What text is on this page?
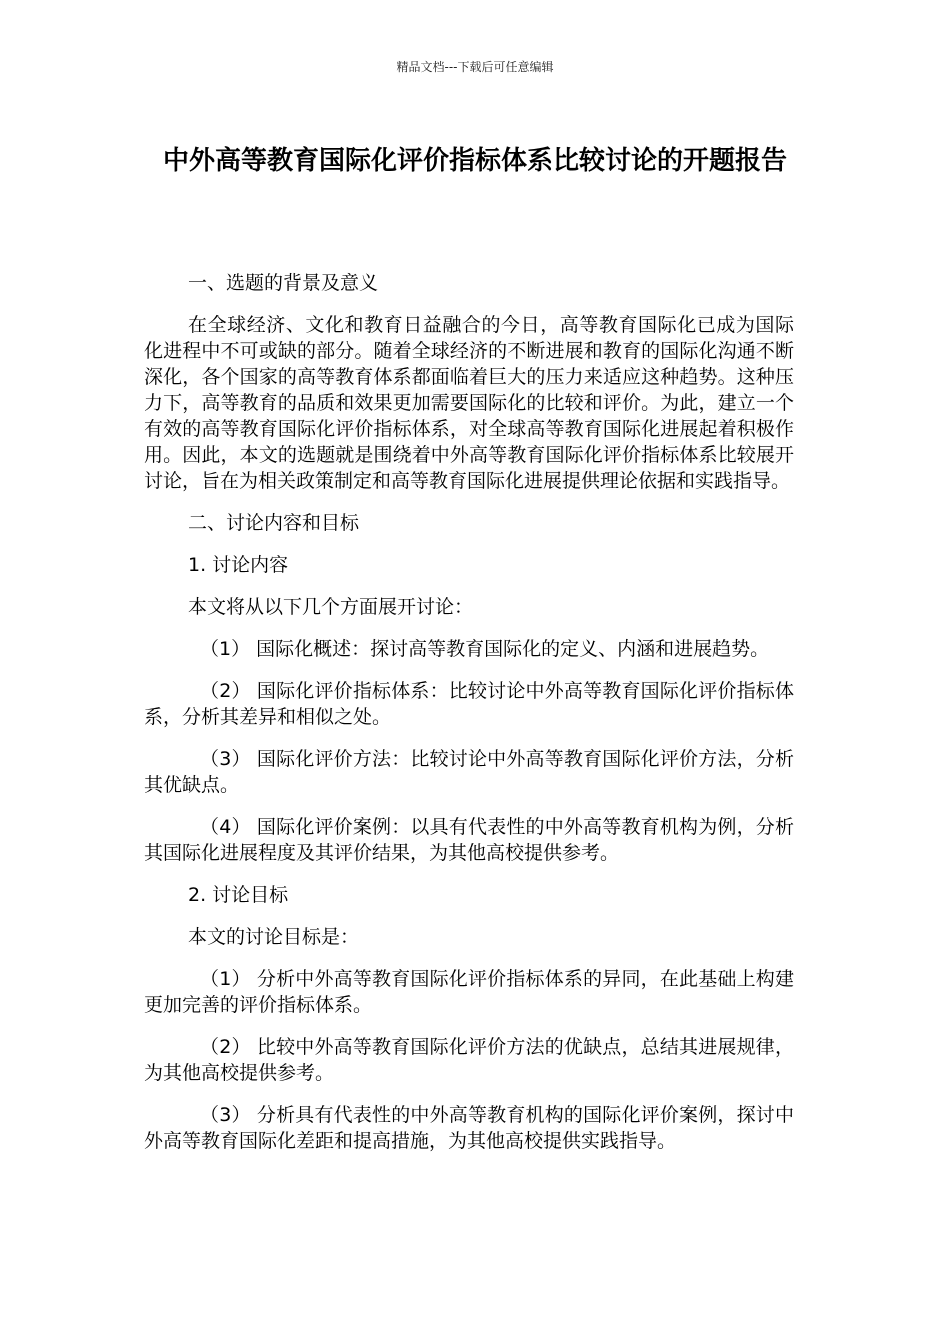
精品文档---下载后可任意编辑
中外高等教育国际化评价指标体系比较讨论的开题报告

一、选题的背景及意义

在全球经济、文化和教育日益融合的今日，高等教育国际化已成为国际化进程中不可或缺的部分。随着全球经济的不断进展和教育的国际化沟通不断深化，各个国家的高等教育体系都面临着巨大的压力来适应这种趋势。这种压力下，高等教育的品质和效果更加需要国际化的比较和评价。为此，建立一个有效的高等教育国际化评价指标体系，对全球高等教育国际化进展起着积极作用。因此，本文的选题就是围绕着中外高等教育国际化评价指标体系比较展开讨论，旨在为相关政策制定和高等教育国际化进展提供理论依据和实践指导。

二、讨论内容和目标

1. 讨论内容

本文将从以下几个方面展开讨论：

（1） 国际化概述：探讨高等教育国际化的定义、内涵和进展趋势。

（2） 国际化评价指标体系：比较讨论中外高等教育国际化评价指标体系，分析其差异和相似之处。

（3） 国际化评价方法：比较讨论中外高等教育国际化评价方法，分析其优缺点。

（4） 国际化评价案例：以具有代表性的中外高等教育机构为例，分析其国际化进展程度及其评价结果，为其他高校提供参考。

2. 讨论目标

本文的讨论目标是：

（1） 分析中外高等教育国际化评价指标体系的异同，在此基础上构建更加完善的评价指标体系。

（2） 比较中外高等教育国际化评价方法的优缺点，总结其进展规律，为其他高校提供参考。

（3） 分析具有代表性的中外高等教育机构的国际化评价案例，探讨中外高等教育国际化差距和提高措施，为其他高校提供实践指导。
